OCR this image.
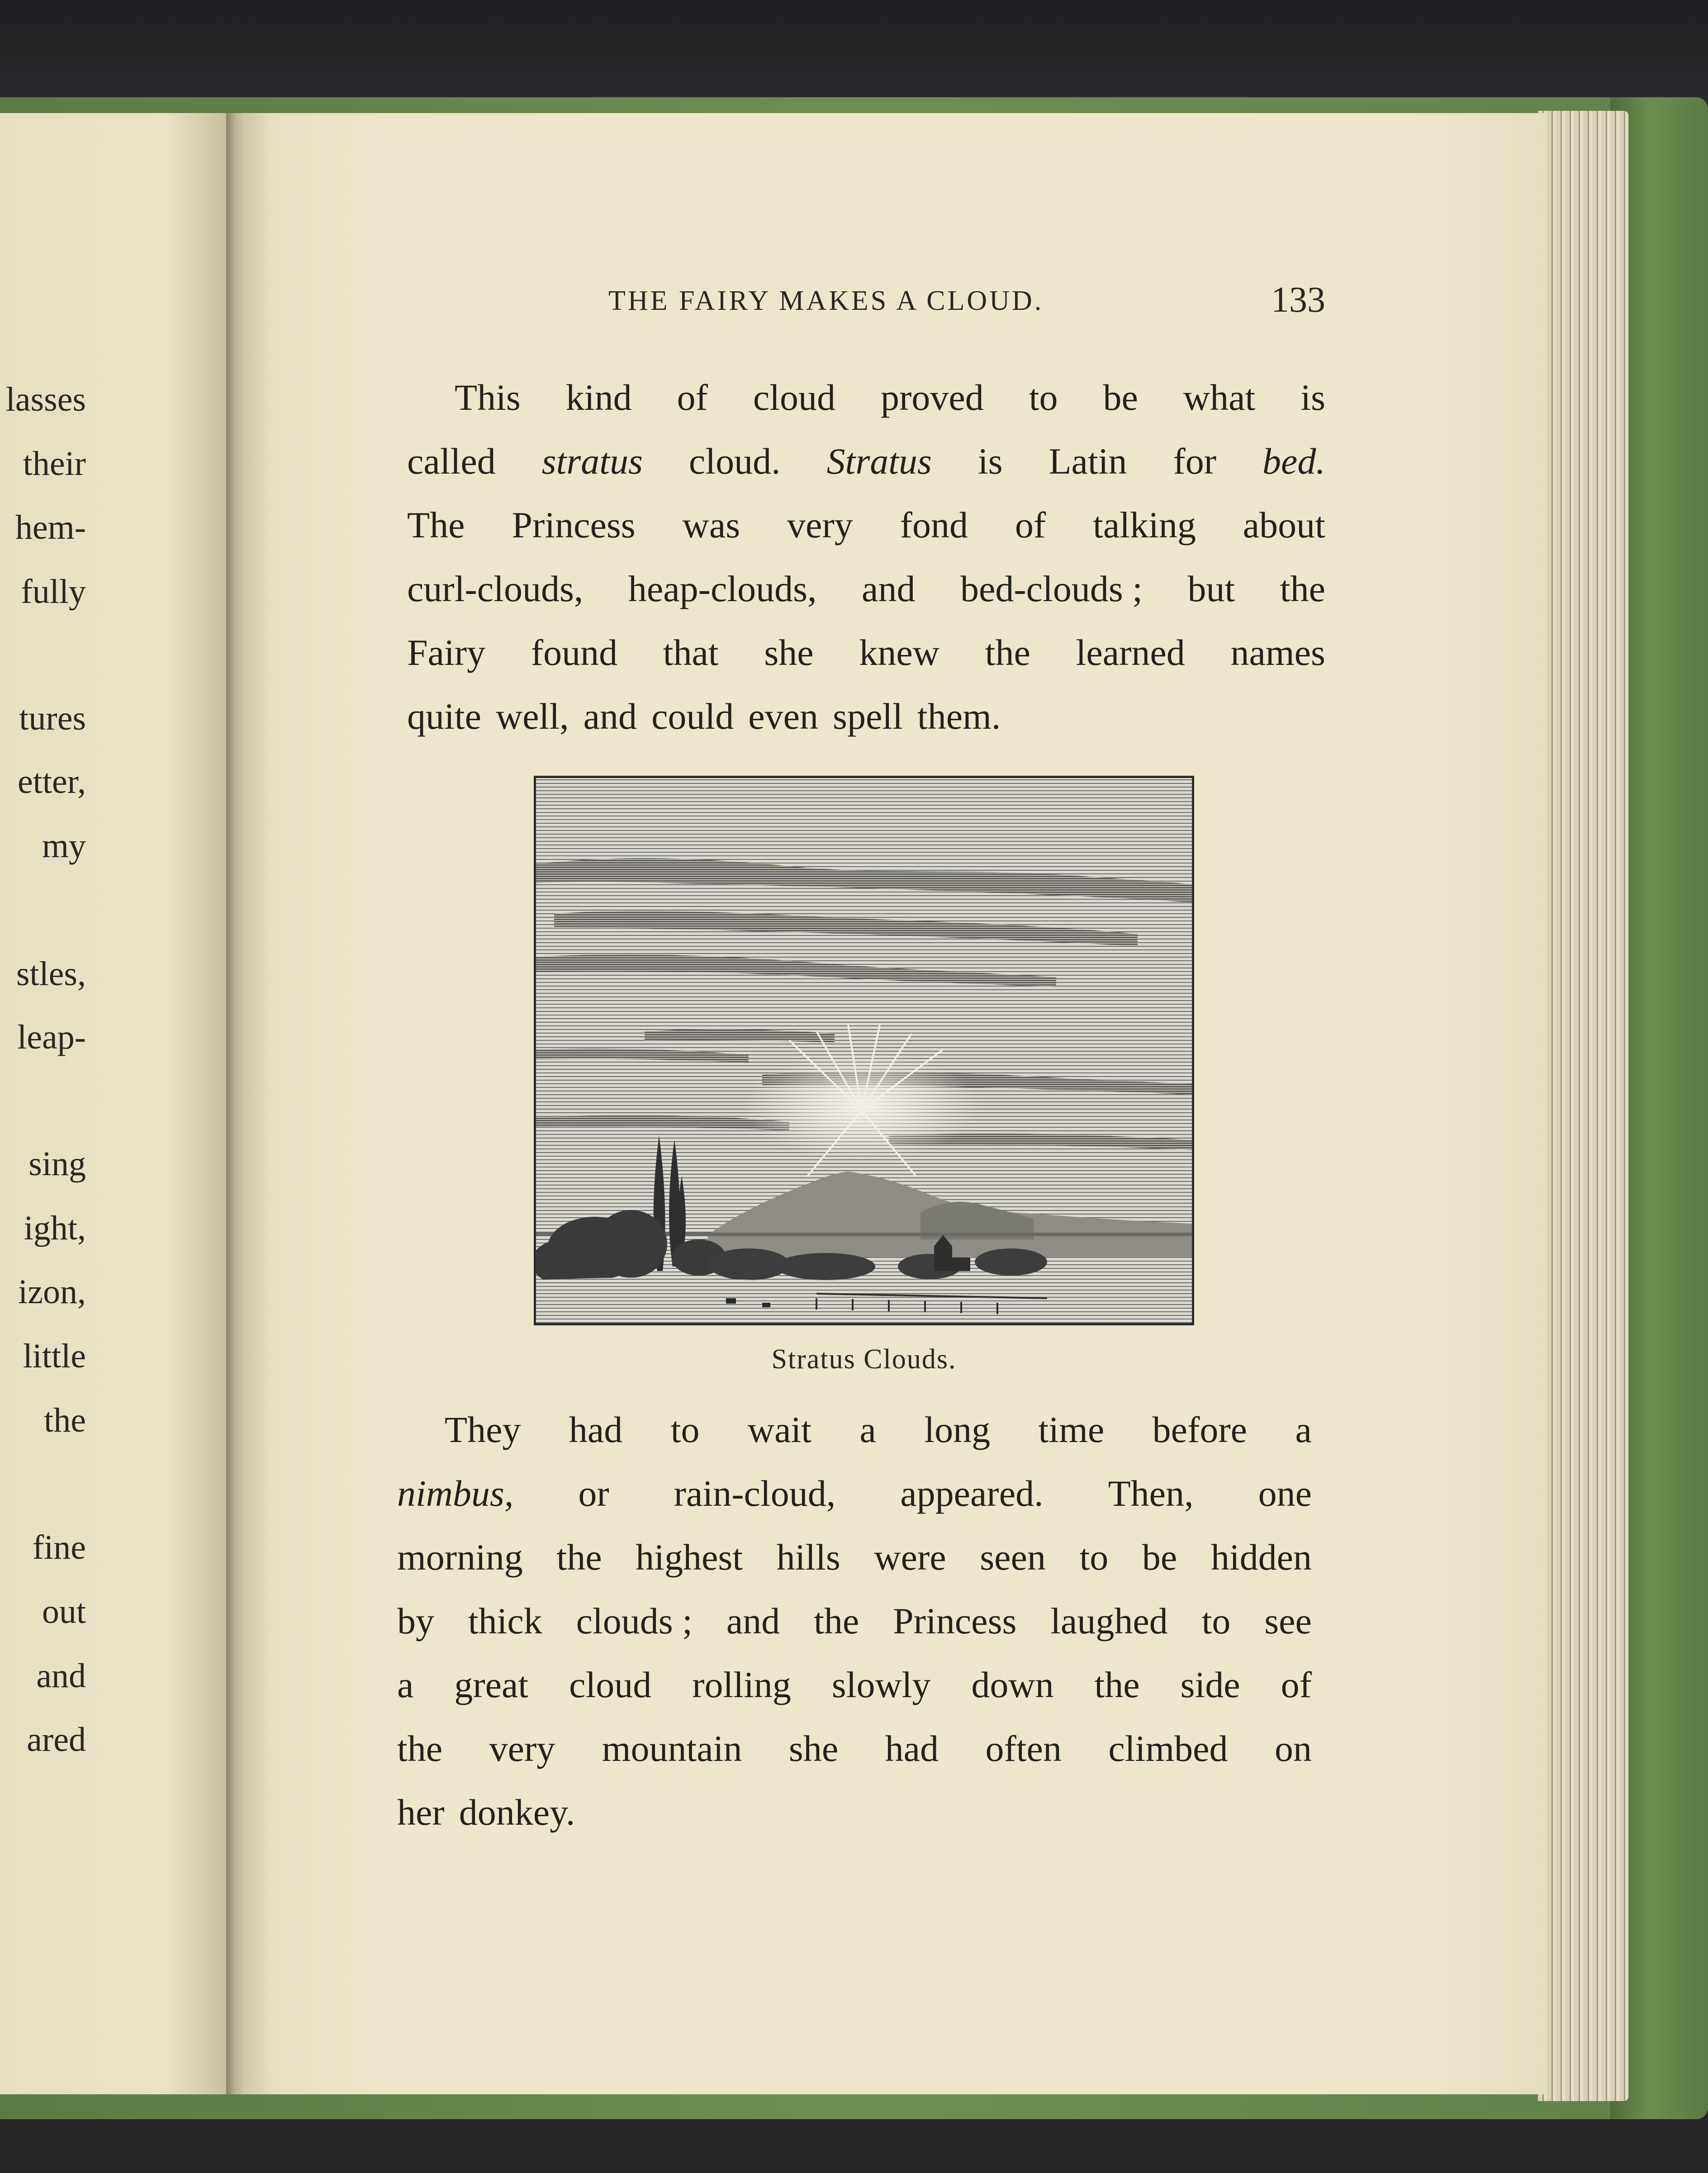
lasses
their
hem-
fully
tures
etter,
my
stles,
leap-
sing
ight,
izon,
little
the
fine
out
and
ared
THE FAIRY MAKES A CLOUD.	133
This kind of cloud proved to be what is
called stratus cloud. Stratus is Latin for bed.
The Princess was very fond of talking about
curl-clouds, heap-clouds, and bed-clouds ; but the
Fairy found that she knew the learned names
quite well, and could even spell them.
Stratus Clouds.
They had to wait a long time before a
nimbus, or rain-cloud, appeared. Then, one
morning the highest hills were seen to be hidden
by thick clouds ; and the Princess laughed to see
a great cloud rolling slowly down the side of
the very mountain she had often climbed on
her donkey.
